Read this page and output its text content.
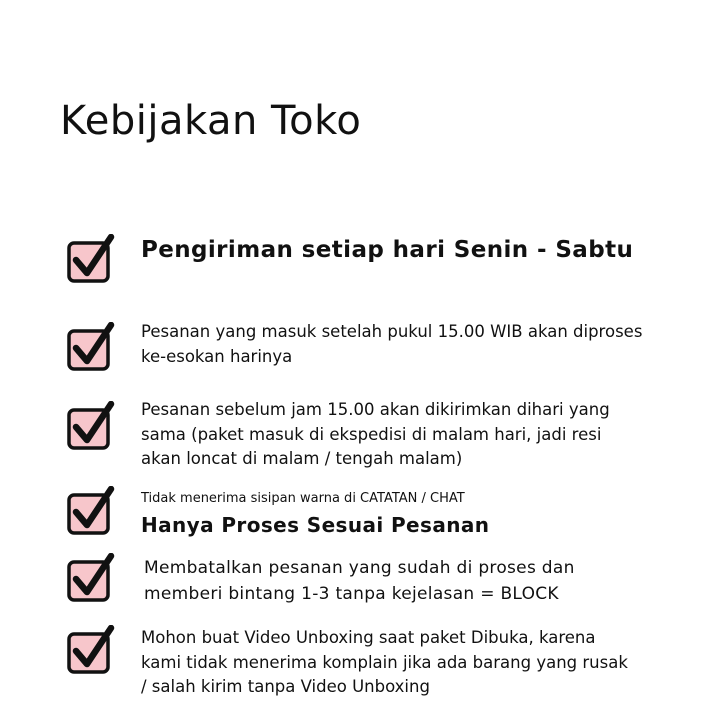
Kebijakan Toko
Pengiriman setiap hari Senin - Sabtu
Pesanan yang masuk setelah pukul 15.00 WIB akan diproses
ke-esokan harinya
Pesanan sebelum jam 15.00 akan dikirimkan dihari yang
sama (paket masuk di ekspedisi di malam hari, jadi resi
akan loncat di malam / tengah malam)
Tidak menerima sisipan warna di CATATAN / CHAT
Hanya Proses Sesuai Pesanan
Membatalkan pesanan yang sudah di proses dan
memberi bintang 1-3 tanpa kejelasan = BLOCK
Mohon buat Video Unboxing saat paket Dibuka, karena
kami tidak menerima komplain jika ada barang yang rusak
/ salah kirim tanpa Video Unboxing
